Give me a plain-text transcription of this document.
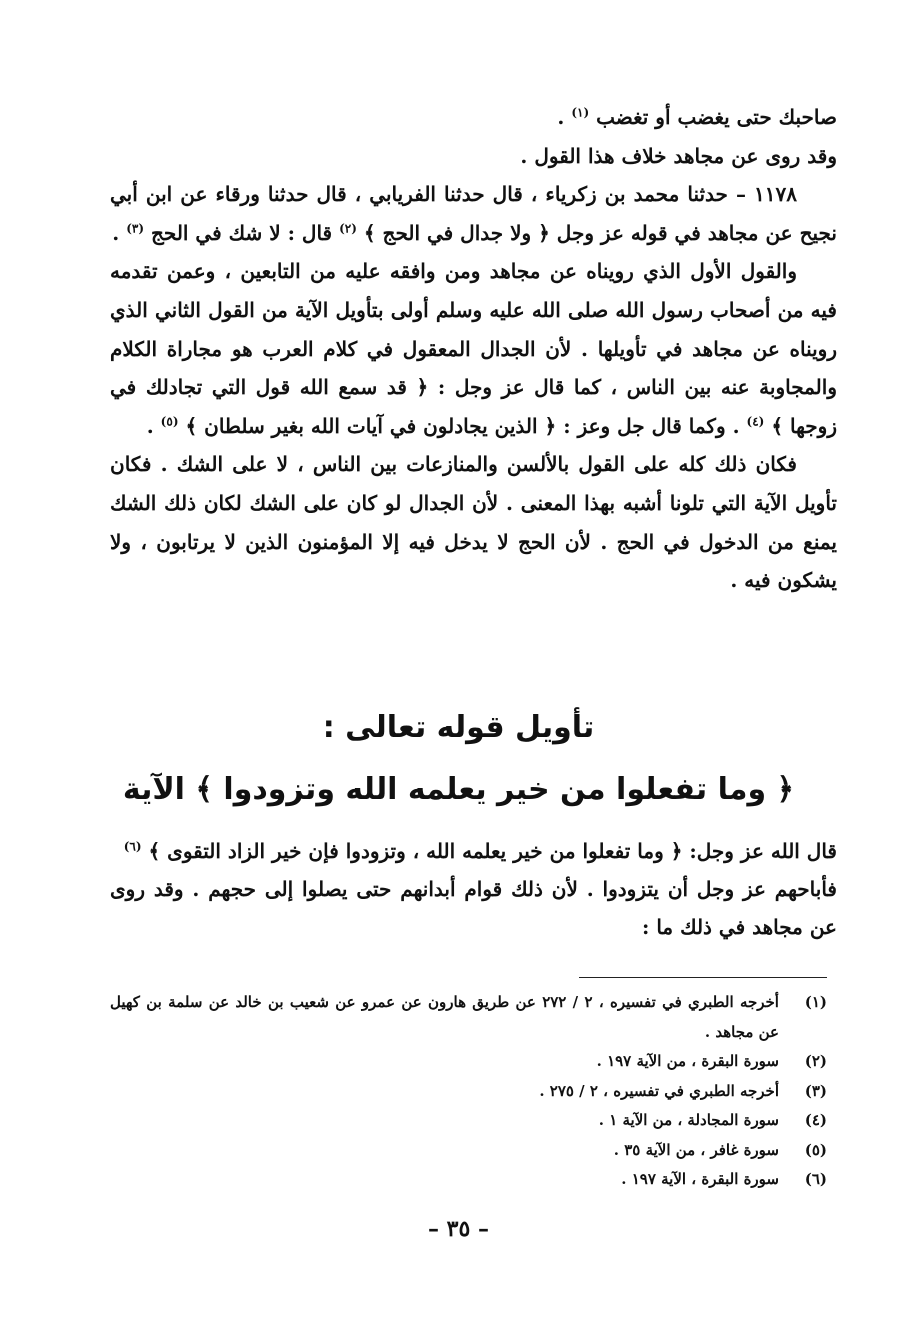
صاحبك حتى يغضب أو تغضب $^{(١)}$ .

وقد روى عن مجاهد خلاف هذا القول .

١١٧٨ – حدثنا محمد بن زكرياء ، قال حدثنا الفريابي ، قال حدثنا ورقاء عن ابن أبي نجيح عن مجاهد في قوله عز وجل ﴿ ولا جدال في الحج ﴾ $^{(٢)}$ قال : لا شك في الحج $^{(٣)}$ .

والقول الأول الذي رويناه عن مجاهد ومن وافقه عليه من التابعين ، وعمن تقدمه فيه من أصحاب رسول الله صلى الله عليه وسلم أولى بتأويل الآية من القول الثاني الذي رويناه عن مجاهد في تأويلها . لأن الجدال المعقول في كلام العرب هو مجاراة الكلام والمجاوبة عنه بين الناس ، كما قال عز وجل : ﴿ قد سمع الله قول التي تجادلك في زوجها ﴾ $^{(٤)}$ . وكما قال جل وعز : ﴿ الذين يجادلون في آيات الله بغير سلطان ﴾ $^{(٥)}$ .

فكان ذلك كله على القول بالألسن والمنازعات بين الناس ، لا على الشك . فكان تأويل الآية التي تلونا أشبه بهذا المعنى . لأن الجدال لو كان على الشك لكان ذلك الشك يمنع من الدخول في الحج . لأن الحج لا يدخل فيه إلا المؤمنون الذين لا يرتابون ، ولا يشكون فيه .

تأويل قوله تعالى :
﴿ وما تفعلوا من خير يعلمه الله وتزودوا ﴾ الآية

قال الله عز وجل: ﴿ وما تفعلوا من خير يعلمه الله ، وتزودوا فإن خير الزاد التقوى ﴾ $^{(٦)}$

فأباحهم عز وجل أن يتزودوا . لأن ذلك قوام أبدانهم حتى يصلوا إلى حجهم . وقد روى عن مجاهد في ذلك ما :

(١)
أخرجه الطبري في تفسيره ، ٢ / ٢٧٢ عن طريق هارون عن عمرو عن شعيب بن خالد عن سلمة بن كهيل عن مجاهد .
(٢)
سورة البقرة ، من الآية ١٩٧ .
(٣)
أخرجه الطبري في تفسيره ، ٢ / ٢٧٥ .
(٤)
سورة المجادلة ، من الآية ١ .
(٥)
سورة غافر ، من الآية ٣٥ .
(٦)
سورة البقرة ، الآية ١٩٧ .
– ٣٥ –
